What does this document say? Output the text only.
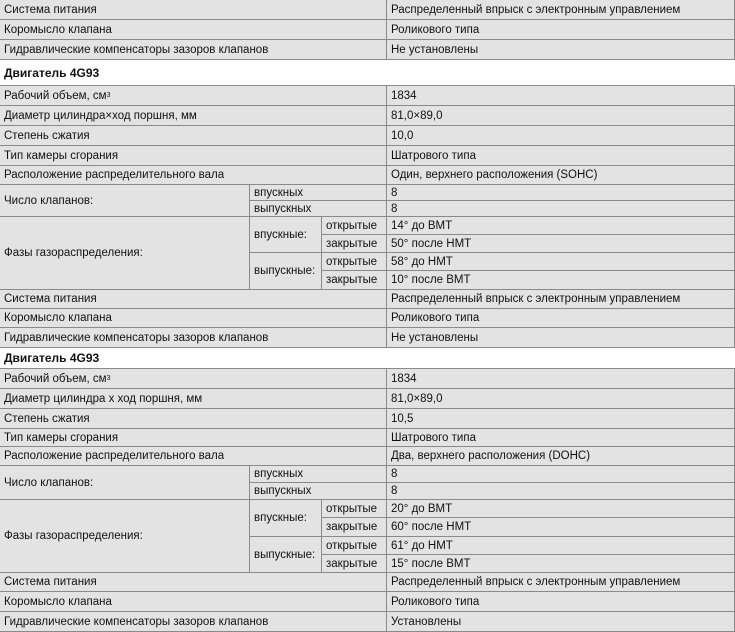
Система питания	Распределенный впрыск с электронным управлением
Коромысло клапана	Роликового типа
Гидравлические компенсаторы зазоров клапанов	Не установлены
Двигатель 4G93
Рабочий объем, см 3	1834
Диаметр цилиндра×ход поршня, мм	81,0×89,0
Степень сжатия	10,0
Тип камеры сгорания	Шатрового типа
Расположение распределительного вала	Один, верхнего расположения (SOHC)
Число клапанов:
впускных	8
выпускных	8
Фазы газораспределения:
впускные:
открытые	14° до ВМТ
закрытые	50° после НМТ
выпускные:
открытые	58° до НМТ
закрытые	10° после ВМТ
Система питания	Распределенный впрыск с электронным управлением
Коромысло клапана	Роликового типа
Гидравлические компенсаторы зазоров клапанов	Не установлены
Двигатель 4G93
Рабочий объем, см 3	1834
Диаметр цилиндра х ход поршня, мм	81,0×89,0
Степень сжатия	10,5
Тип камеры сгорания	Шатрового типа
Расположение распределительного вала	Два, верхнего расположения (DOHC)
Число клапанов:
впускных	8
выпускных	8
Фазы газораспределения:
впускные:
открытые	20° до ВМТ
закрытые	60° после НМТ
выпускные:
открытые	61° до НМТ
закрытые	15° после ВМТ
Система питания	Распределенный впрыск с электронным управлением
Коромысло клапана	Роликового типа
Гидравлические компенсаторы зазоров клапанов	Установлены
